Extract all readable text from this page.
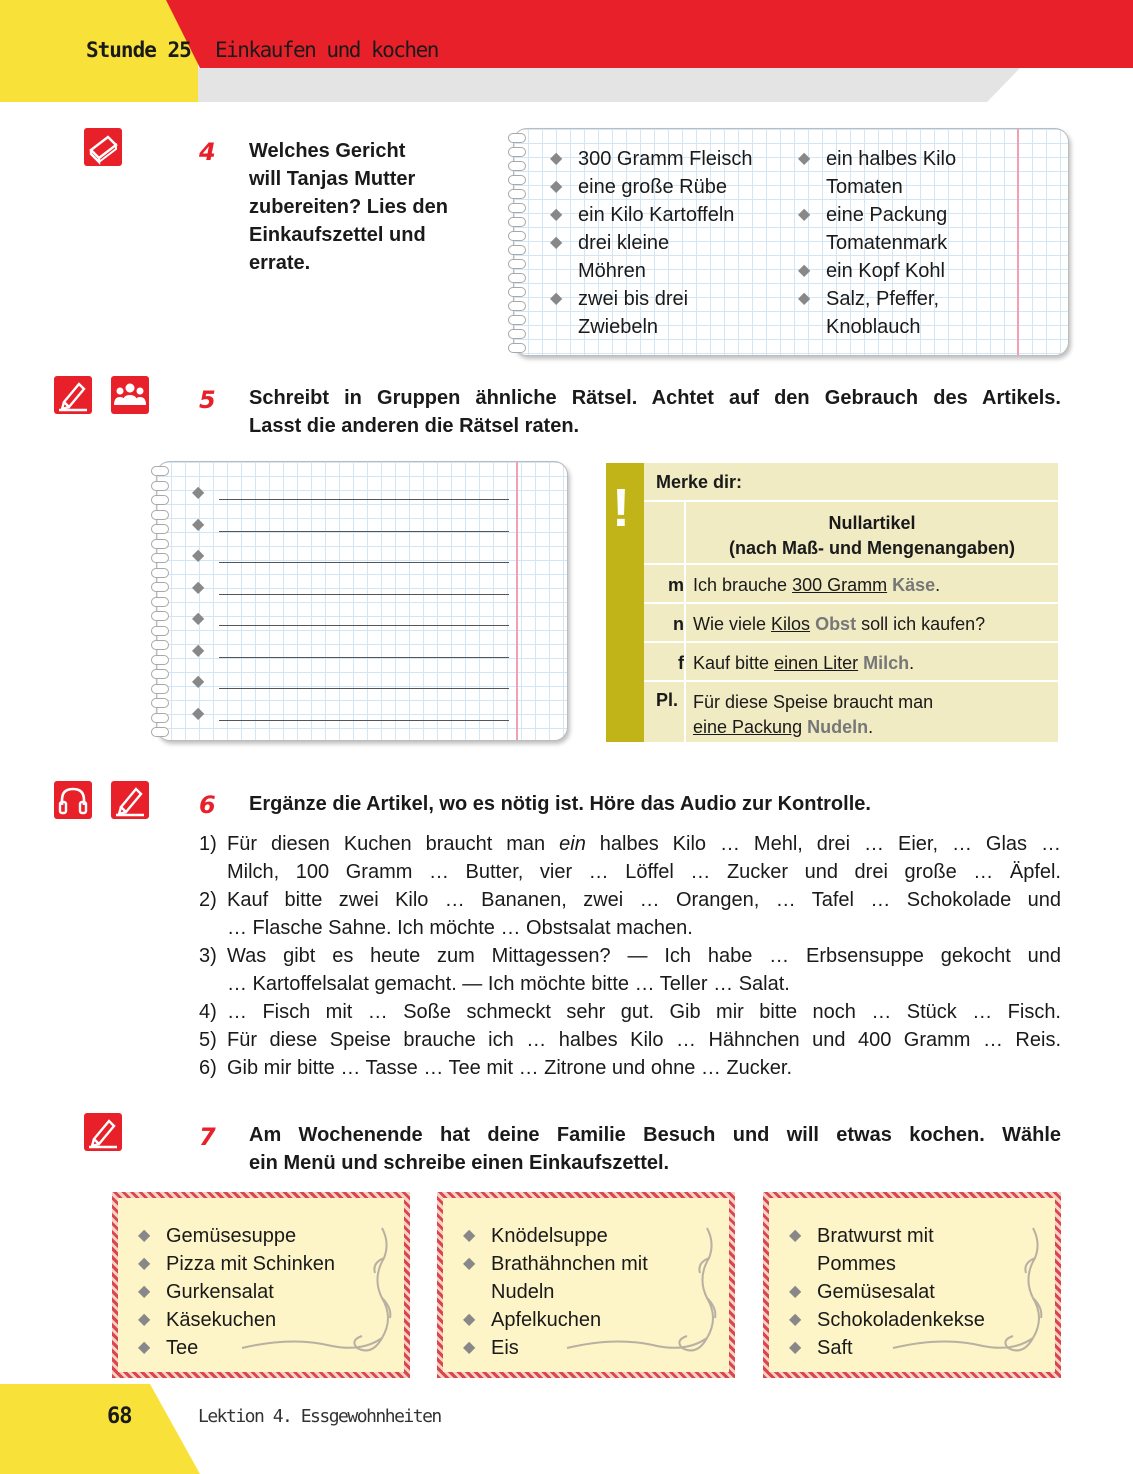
Stunde 25 Einkaufen und kochen
4 Welches Gericht
will Tanjas Mutter
zubereiten? Lies den
Einkaufszettel und
errate.
◆ 300 Gramm Fleisch
◆ eine große Rübe
◆ ein Kilo Kartoffeln
◆ drei kleine
Möhren
◆ zwei bis drei
Zwiebeln
◆ ein halbes Kilo
Tomaten
◆ eine Packung
Tomatenmark
◆ ein Kopf Kohl
◆ Salz, Pfeffer,
Knoblauch
5 Schreibt in Gruppen ähnliche Rätsel. Achtet auf den Gebrauch des Artikels.
Lasst die anderen die Rätsel raten.
◆
◆
◆
◆
◆
◆
◆
◆
! Merke dir:
Nullartikel
(nach Maß- und Mengenangaben)
m Ich brauche 300 Gramm Käse.
n Wie viele Kilos Obst soll ich kaufen?
f Kauf bitte einen Liter Milch.
Pl. Für diese Speise braucht man
eine Packung Nudeln.
6 Ergänze die Artikel, wo es nötig ist. Höre das Audio zur Kontrolle.
1) Für diesen Kuchen braucht man ein halbes Kilo … Mehl, drei … Eier, … Glas …
Milch, 100 Gramm … Butter, vier … Löffel … Zucker und drei große … Äpfel.
2) Kauf bitte zwei Kilo … Bananen, zwei … Orangen, … Tafel … Schokolade und
… Flasche Sahne. Ich möchte … Obstsalat machen.
3) Was gibt es heute zum Mittagessen? — Ich habe … Erbsensuppe gekocht und
… Kartoffelsalat gemacht. — Ich möchte bitte … Teller … Salat.
4) … Fisch mit … Soße schmeckt sehr gut. Gib mir bitte noch … Stück … Fisch.
5) Für diese Speise brauche ich … halbes Kilo … Hähnchen und 400 Gramm … Reis.
6) Gib mir bitte … Tasse … Tee mit … Zitrone und ohne … Zucker.
7 Am Wochenende hat deine Familie Besuch und will etwas kochen. Wähle
ein Menü und schreibe einen Einkaufszettel.
◆ Gemüsesuppe
◆ Pizza mit Schinken
◆ Gurkensalat
◆ Käsekuchen
◆ Tee
◆ Knödelsuppe
◆ Brathähnchen mit
Nudeln
◆ Apfelkuchen
◆ Eis
◆ Bratwurst mit
Pommes
◆ Gemüsesalat
◆ Schokoladenkekse
◆ Saft
68	Lektion 4. Essgewohnheiten
